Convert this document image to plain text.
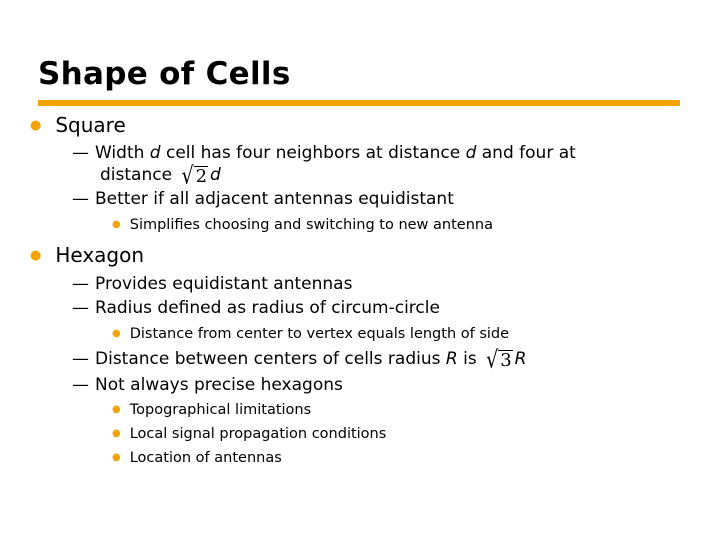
Shape of Cells
● Square
— Width d cell has four neighbors at distance d and four at
distance √ 2 d
— Better if all adjacent antennas equidistant
● Simplifies choosing and switching to new antenna
● Hexagon
— Provides equidistant antennas
— Radius defined as radius of circum-circle
● Distance from center to vertex equals length of side
— Distance between centers of cells radius R is √ 3 R
— Not always precise hexagons
● Topographical limitations
● Local signal propagation conditions
● Location of antennas
